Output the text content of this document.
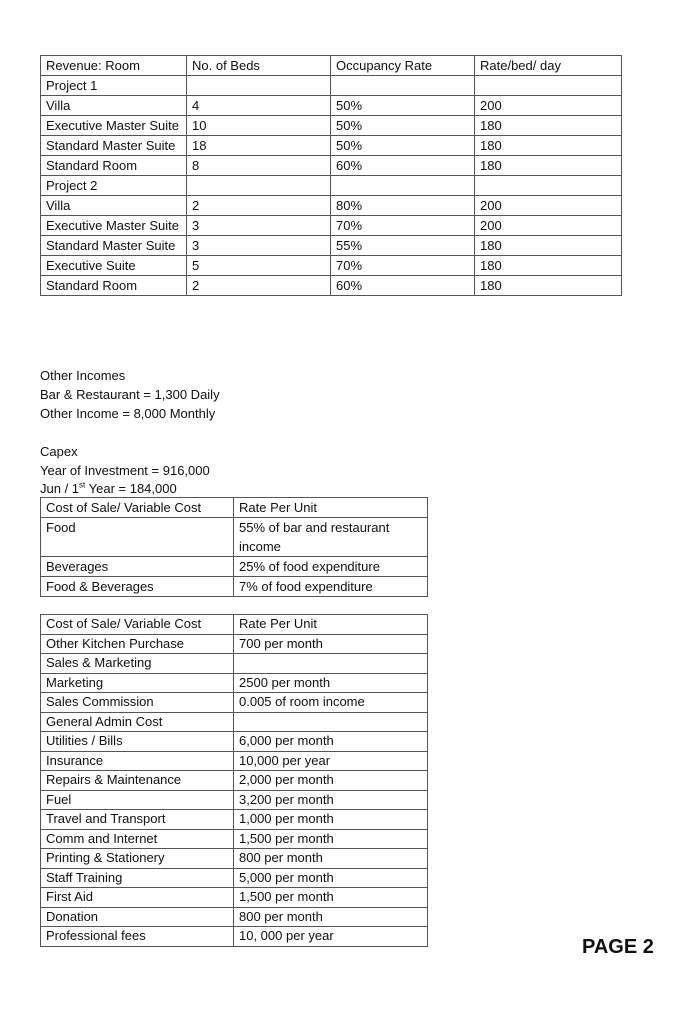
Revenue: Room	No. of Beds	Occupancy Rate	Rate/bed/ day
Project 1			
Villa	4	50%	200
Executive Master Suite	10	50%	180
Standard Master Suite	18	50%	180
Standard Room	8	60%	180
Project 2			
Villa	2	80%	200
Executive Master Suite	3	70%	200
Standard Master Suite	3	55%	180
Executive Suite	5	70%	180
Standard Room	2	60%	180

Other Incomes

Bar & Restaurant = 1,300 Daily

Other Income = 8,000 Monthly

Capex

Year of Investment = 916,000

Jun / 1st Year = 184,000

Cost of Sale/ Variable Cost	Rate Per Unit
Food	55% of bar and restaurant income
Beverages	25% of food expenditure
Food & Beverages	7% of food expenditure
Cost of Sale/ Variable Cost	Rate Per Unit
Other Kitchen Purchase	700 per month
Sales & Marketing	
Marketing	2500 per month
Sales Commission	0.005 of room income
General Admin Cost	
Utilities / Bills	6,000 per month
Insurance	10,000 per year
Repairs & Maintenance	2,000 per month
Fuel	3,200 per month
Travel and Transport	1,000 per month
Comm and Internet	1,500 per month
Printing & Stationery	800 per month
Staff Training	5,000 per month
First Aid	1,500 per month
Donation	800 per month
Professional fees	10, 000 per year
PAGE 2
